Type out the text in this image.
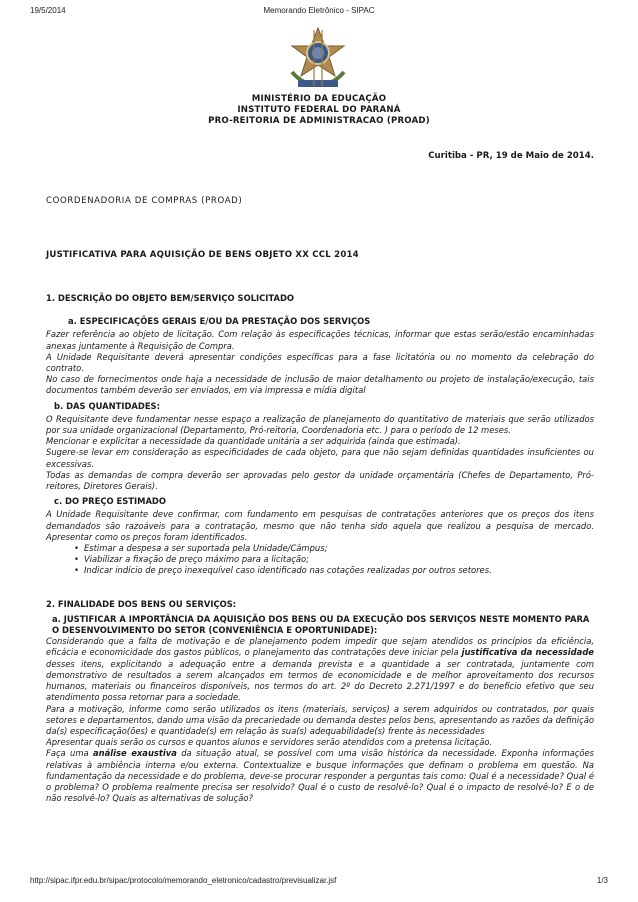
19/5/2014	Memorando Eletrônico - SIPAC
MINISTÉRIO DA EDUCAÇÃO
INSTITUTO FEDERAL DO PARANÁ
PRO-REITORIA DE ADMINISTRACAO (PROAD)
Curitiba - PR, 19 de Maio de 2014.
COORDENADORIA DE COMPRAS (PROAD)
JUSTIFICATIVA PARA AQUISIÇÃO DE BENS OBJETO XX CCL 2014
1. DESCRIÇÃO DO OBJETO BEM/SERVIÇO SOLICITADO
a. ESPECIFICAÇÕES GERAIS E/OU DA PRESTAÇÃO DOS SERVIÇOS

Fazer referência ao objeto de licitação. Com relação às especificações técnicas, informar que estas serão/estão encaminhadas anexas juntamente à Requisição de Compra.

A Unidade Requisitante deverá apresentar condições específicas para a fase licitatória ou no momento da celebração do contrato.

No caso de fornecimentos onde haja a necessidade de inclusão de maior detalhamento ou projeto de instalação/execução, tais documentos também deverão ser enviados, em via impressa e mídia digital

b. DAS QUANTIDADES:

O Requisitante deve fundamentar nesse espaço a realização de planejamento do quantitativo de materiais que serão utilizados por sua unidade organizacional (Departamento, Pró-reitoria, Coordenadoria etc. ) para o período de 12 meses.

Mencionar e explicitar a necessidade da quantidade unitária a ser adquirida (ainda que estimada).

Sugere-se levar em consideração as especificidades de cada objeto, para que não sejam definidas quantidades insuficientes ou excessivas.

Todas as demandas de compra deverão ser aprovadas pelo gestor da unidade orçamentária (Chefes de Departamento, Pró-reitores, Diretores Gerais).

c. DO PREÇO ESTIMADO

A Unidade Requisitante deve confirmar, com fundamento em pesquisas de contratações anteriores que os preços dos itens demandados são razoáveis para a contratação, mesmo que não tenha sido aquela que realizou a pesquisa de mercado. Apresentar como os preços foram identificados.

• Estimar a despesa a ser suportada pela Unidade/Câmpus;
• Viabilizar a fixação de preço máximo para a licitação;
• Indicar indício de preço inexequível caso identificado nas cotações realizadas por outros setores.
2. FINALIDADE DOS BENS OU SERVIÇOS:
a. JUSTIFICAR A IMPORTÂNCIA DA AQUISIÇÃO DOS BENS OU DA EXECUÇÃO DOS SERVIÇOS NESTE MOMENTO PARA O DESENVOLVIMENTO DO SETOR (CONVENIÊNCIA E OPORTUNIDADE):

Considerando que a falta de motivação e de planejamento podem impedir que sejam atendidos os princípios da eficiência, eficácia e economicidade dos gastos públicos, o planejamento das contratações deve iniciar pela justificativa da necessidade desses itens, explicitando a adequação entre a demanda prevista e a quantidade a ser contratada, juntamente com demonstrativo de resultados a serem alcançados em termos de economicidade e de melhor aproveitamento dos recursos humanos, materiais ou financeiros disponíveis, nos termos do art. 2º do Decreto 2.271/1997 e do benefício efetivo que seu atendimento possa retornar para a sociedade.

Para a motivação, informe como serão utilizados os itens (materiais, serviços) a serem adquiridos ou contratados, por quais setores e departamentos, dando uma visão da precariedade ou demanda destes pelos bens, apresentando as razões da definição da(s) especificação(ões) e quantidade(s) em relação às sua(s) adequabilidade(s) frente às necessidades

Apresentar quais serão os cursos e quantos alunos e servidores serão atendidos com a pretensa licitação.

Faça uma análise exaustiva da situação atual, se possível com uma visão histórica da necessidade. Exponha informações relativas à ambiência interna e/ou externa. Contextualize e busque informações que definam o problema em questão. Na fundamentação da necessidade e do problema, deve-se procurar responder a perguntas tais como: Qual é a necessidade? Qual é o problema? O problema realmente precisa ser resolvido? Qual é o custo de resolvê-lo? Qual é o impacto de resolvê-lo? E o de não resolvê-lo? Quais as alternativas de solução?

http://sipac.ifpr.edu.br/sipac/protocolo/memorando_eletronico/cadastro/previsualizar.jsf	1/3
